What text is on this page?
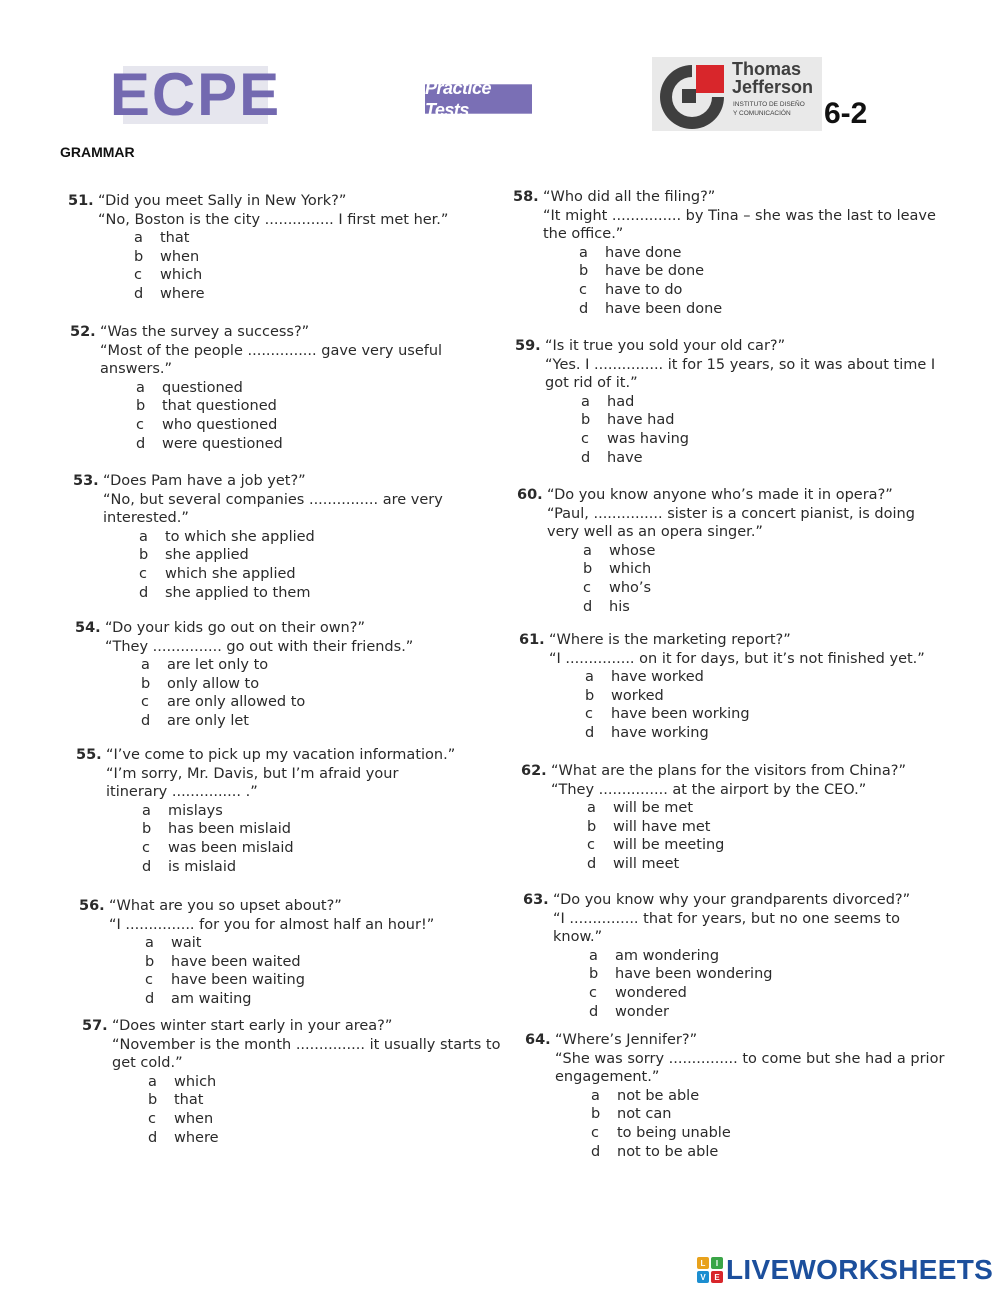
ECPE	Practice Tests
Thomas
Jefferson
INSTITUTO DE DISEÑO
Y COMUNICACIÓN	6-2
GRAMMAR
51. “Did you meet Sally in New York?”
“No, Boston is the city ............... I first met her.”
a that
b when
c which
d where
52. “Was the survey a success?”
“Most of the people ............... gave very useful
answers.”
a questioned
b that questioned
c who questioned
d were questioned
53. “Does Pam have a job yet?”
“No, but several companies ............... are very
interested.”
a to which she applied
b she applied
c which she applied
d she applied to them
54. “Do your kids go out on their own?”
“They ............... go out with their friends.”
a are let only to
b only allow to
c are only allowed to
d are only let
55. “I’ve come to pick up my vacation information.”
“I’m sorry, Mr. Davis, but I’m afraid your
itinerary ............... .”
a mislays
b has been mislaid
c was been mislaid
d is mislaid
56. “What are you so upset about?”
“I ............... for you for almost half an hour!”
a wait
b have been waited
c have been waiting
d am waiting
57. “Does winter start early in your area?”
“November is the month ............... it usually starts to
get cold.”
a which
b that
c when
d where
58. “Who did all the filing?”
“It might ............... by Tina – she was the last to leave
the office.”
a have done
b have be done
c have to do
d have been done
59. “Is it true you sold your old car?”
“Yes. I ............... it for 15 years, so it was about time I
got rid of it.”
a had
b have had
c was having
d have
60. “Do you know anyone who’s made it in opera?”
“Paul, ............... sister is a concert pianist, is doing
very well as an opera singer.”
a whose
b which
c who’s
d his
61. “Where is the marketing report?”
“I ............... on it for days, but it’s not finished yet.”
a have worked
b worked
c have been working
d have working
62. “What are the plans for the visitors from China?”
“They ............... at the airport by the CEO.”
a will be met
b will have met
c will be meeting
d will meet
63. “Do you know why your grandparents divorced?”
“I ............... that for years, but no one seems to
know.”
a am wondering
b have been wondering
c wondered
d wonder
64. “Where’s Jennifer?”
“She was sorry ............... to come but she had a prior
engagement.”
a not be able
b not can
c to being unable
d not to be able
L	I
V	E LIVEWORKSHEETS
